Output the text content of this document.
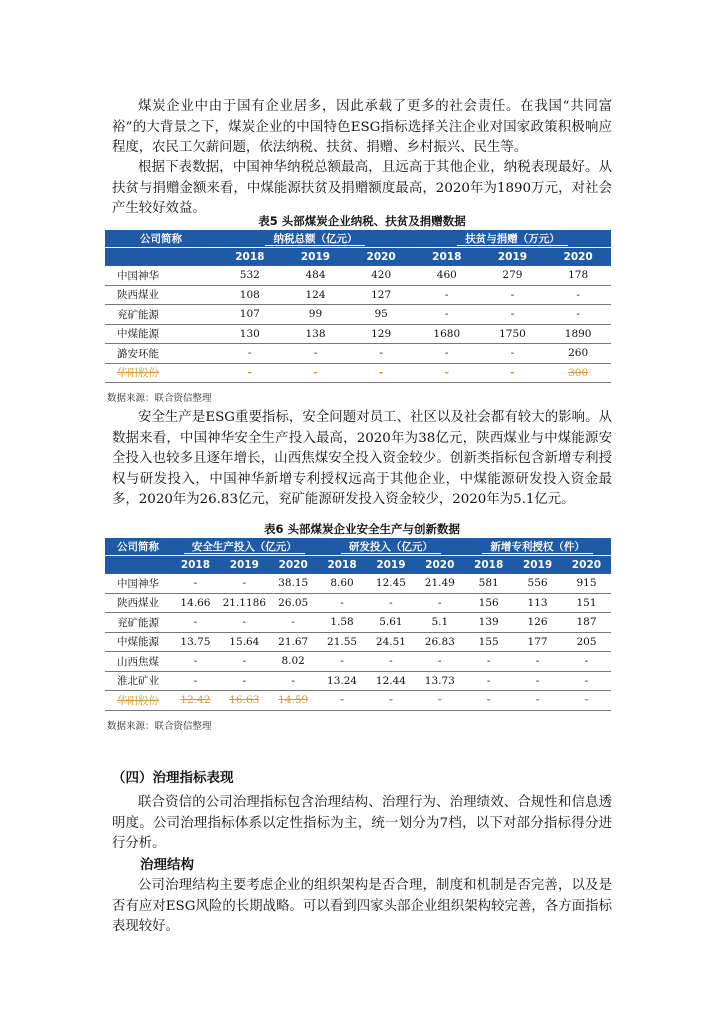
煤炭企业中由于国有企业居多，因此承载了更多的社会责任。在我国“共同富裕”的大背景之下，煤炭企业的中国特色ESG指标选择关注企业对国家政策积极响应程度，农民工欠薪问题，依法纳税、扶贫、捐赠、乡村振兴、民生等。

根据下表数据，中国神华纳税总额最高，且远高于其他企业，纳税表现最好。从扶贫与捐赠金额来看，中煤能源扶贫及捐赠额度最高，2020年为1890万元，对社会产生较好效益。

表5 头部煤炭企业纳税、扶贫及捐赠数据
公司简称	纳税总额（亿元）			扶贫与捐赠（万元）		
	2018	2019	2020	2018	2019	2020
中国神华	532	484	420	460	279	178
陕西煤业	108	124	127	-	-	-
兖矿能源	107	99	95	-	-	-
中煤能源	130	138	129	1680	1750	1890
潞安环能	-	-	-	-	-	260
华阳股份	-	-	-	-	-	300
数据来源：联合资信整理

安全生产是ESG重要指标，安全问题对员工、社区以及社会都有较大的影响。从数据来看，中国神华安全生产投入最高，2020年为38亿元，陕西煤业与中煤能源安全投入也较多且逐年增长，山西焦煤安全投入资金较少。创新类指标包含新增专利授权与研发投入，中国神华新增专利授权远高于其他企业，中煤能源研发投入资金最多，2020年为26.83亿元，兖矿能源研发投入资金较少，2020年为5.1亿元。

表6 头部煤炭企业安全生产与创新数据
公司简称	安全生产投入（亿元）			研发投入（亿元）			新增专利授权（件）		
	2018	2019	2020	2018	2019	2020	2018	2019	2020
中国神华	-	-	38.15	8.60	12.45	21.49	581	556	915
陕西煤业	14.66	21.1186	26.05	-	-	-	156	113	151
兖矿能源	-	-	-	1.58	5.61	5.1	139	126	187
中煤能源	13.75	15.64	21.67	21.55	24.51	26.83	155	177	205
山西焦煤	-	-	8.02	-	-	-	-	-	-
淮北矿业	-	-	-	13.24	12.44	13.73	-	-	-
华阳股份	12.42	16.63	14.59	-	-	-	-	-	-
数据来源：联合资信整理
（四）治理指标表现

联合资信的公司治理指标包含治理结构、治理行为、治理绩效、合规性和信息透明度。公司治理指标体系以定性指标为主，统一划分为7档，以下对部分指标得分进行分析。

治理结构

公司治理结构主要考虑企业的组织架构是否合理，制度和机制是否完善，以及是否有应对ESG风险的长期战略。可以看到四家头部企业组织架构较完善，各方面指标表现较好。
